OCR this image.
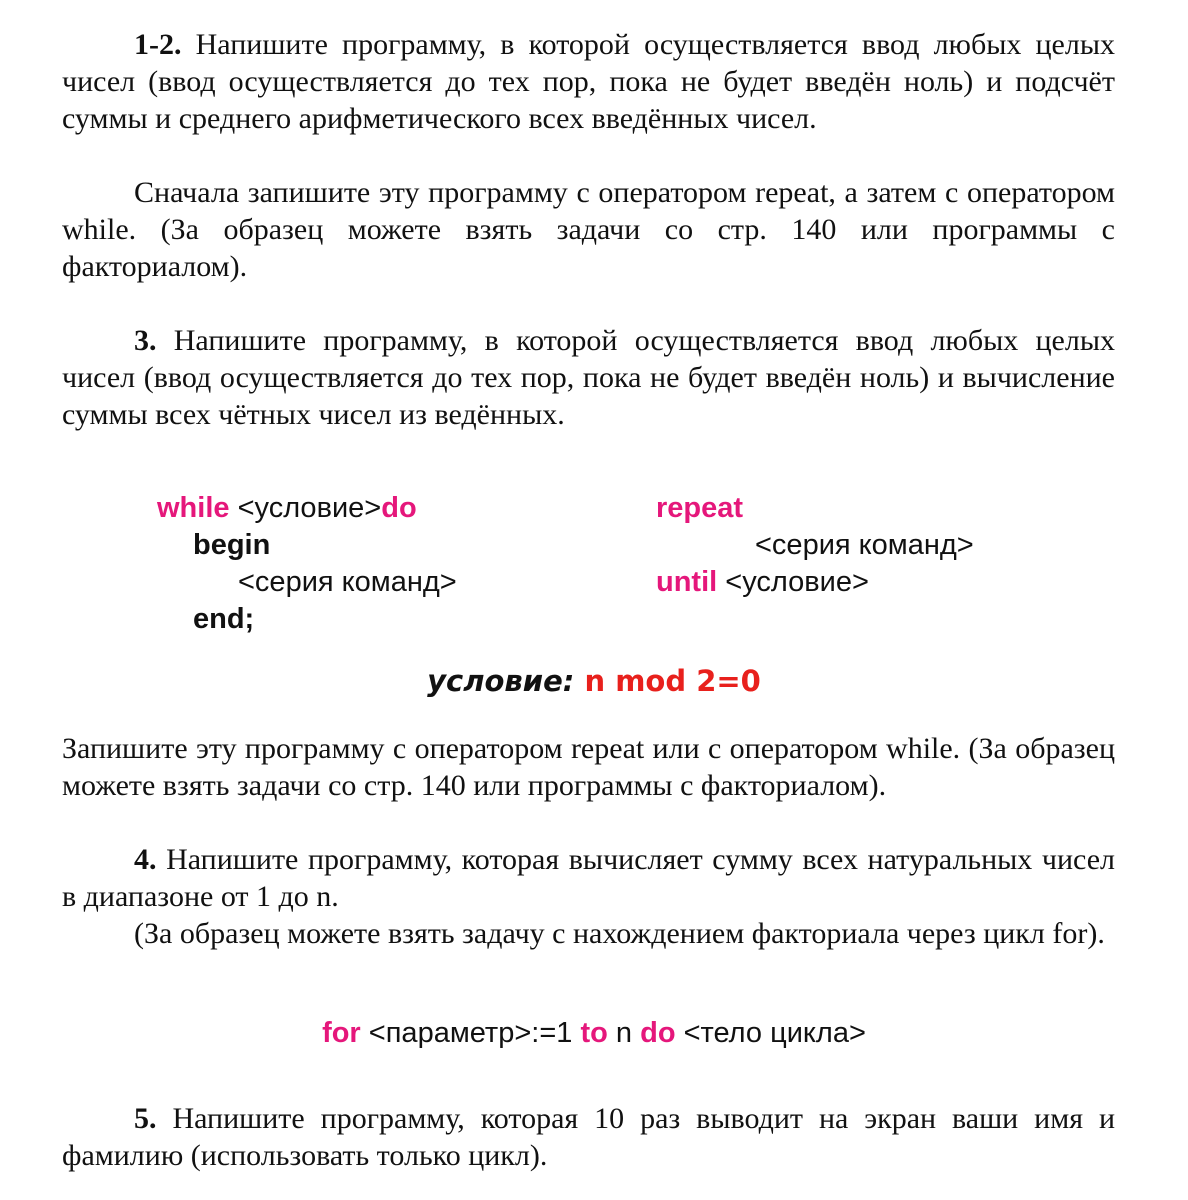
1-2. Напишите программу, в которой осуществляется ввод любых целых чисел (ввод осуществляется до тех пор, пока не будет введён ноль) и подсчёт суммы и среднего арифметического всех введённых чисел.

Сначала запишите эту программу с оператором repeat, а затем с оператором while. (За образец можете взять задачи со стр. 140 или программы с факториалом).

3. Напишите программу, в которой осуществляется ввод любых целых чисел (ввод осуществляется до тех пор, пока не будет введён ноль) и вычисление суммы всех чётных чисел из ведённых.

while <условие>do

begin

<серия команд>

end;

repeat

<серия команд>

until <условие>

условие: n mod 2=0

Запишите эту программу с оператором repeat или с оператором while. (За образец можете взять задачи со стр. 140 или программы с факториалом).

4. Напишите программу, которая вычисляет сумму всех натуральных чисел в диапазоне от 1 до n.

(За образец можете взять задачу с нахождением факториала через цикл for).

for <параметр>:=1 to n do <тело цикла>

5. Напишите программу, которая 10 раз выводит на экран ваши имя и фамилию (использовать только цикл).
